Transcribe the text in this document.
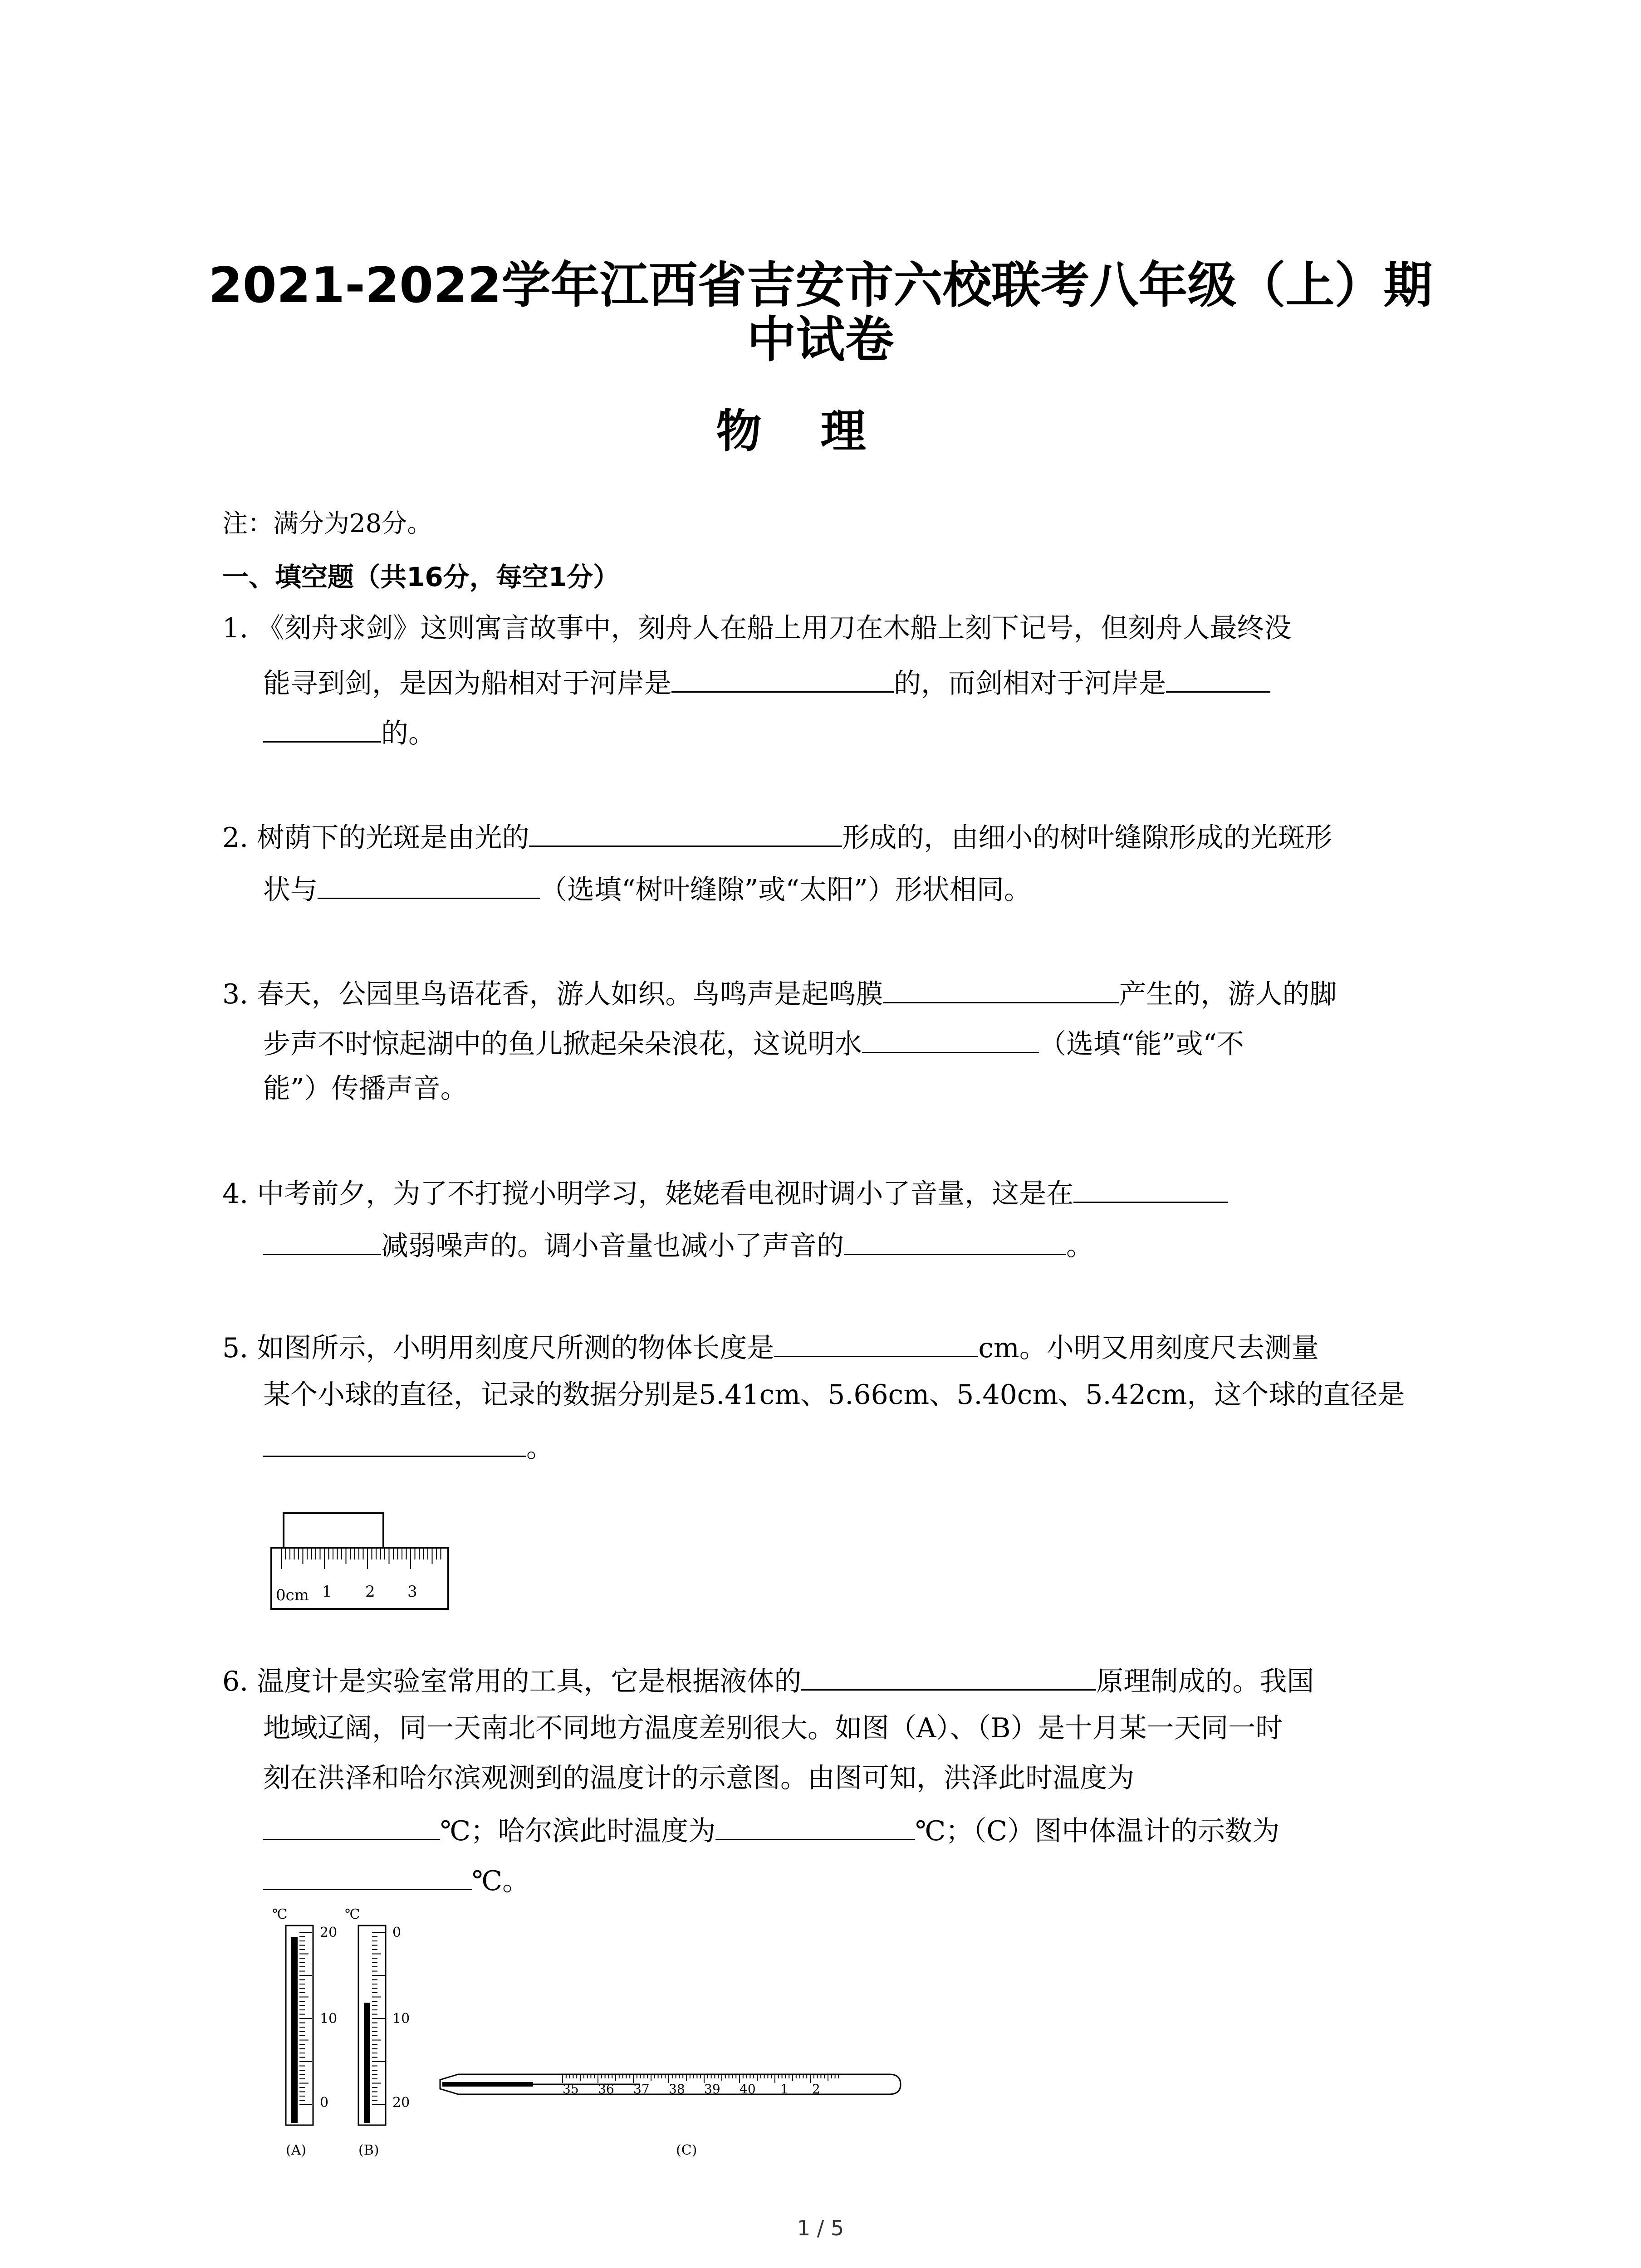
2021-2022学年江西省吉安市六校联考八年级（上）期
中试卷
物理
注：满分为28分。
一、填空题（共16分，每空1分）
1. 《刻舟求剑》这则寓言故事中，刻舟人在船上用刀在木船上刻下记号，但刻舟人最终没
能寻到剑，是因为船相对于河岸是	的，而剑相对于河岸是
的。
2. 树荫下的光斑是由光的	形成的，由细小的树叶缝隙形成的光斑形
状与	（选填“树叶缝隙”或“太阳”）形状相同。
3. 春天，公园里鸟语花香，游人如织。鸟鸣声是起鸣膜	产生的，游人的脚
步声不时惊起湖中的鱼儿掀起朵朵浪花，这说明水	（选填“能”或“不
能”）传播声音。
4. 中考前夕，为了不打搅小明学习，姥姥看电视时调小了音量，这是在
减弱噪声的。调小音量也减小了声音的	。
5. 如图所示，小明用刻度尺所测的物体长度是	cm。小明又用刻度尺去测量
某个小球的直径，记录的数据分别是5.41cm、5.66cm、5.40cm、5.42cm，这个球的直径是
。
0cm 1 2 3
6. 温度计是实验室常用的工具，它是根据液体的	原理制成的。我国
地域辽阔，同一天南北不同地方温度差别很大。如图（A）、（B）是十月某一天同一时
刻在洪泽和哈尔滨观测到的温度计的示意图。由图可知，洪泽此时温度为
℃；哈尔滨此时温度为	℃；（C）图中体温计的示数为
℃。
℃
20
10
0
(A)
℃
0
10
20
(B)
35 36 37 38 39 40 1 2
(C)
1 / 5
